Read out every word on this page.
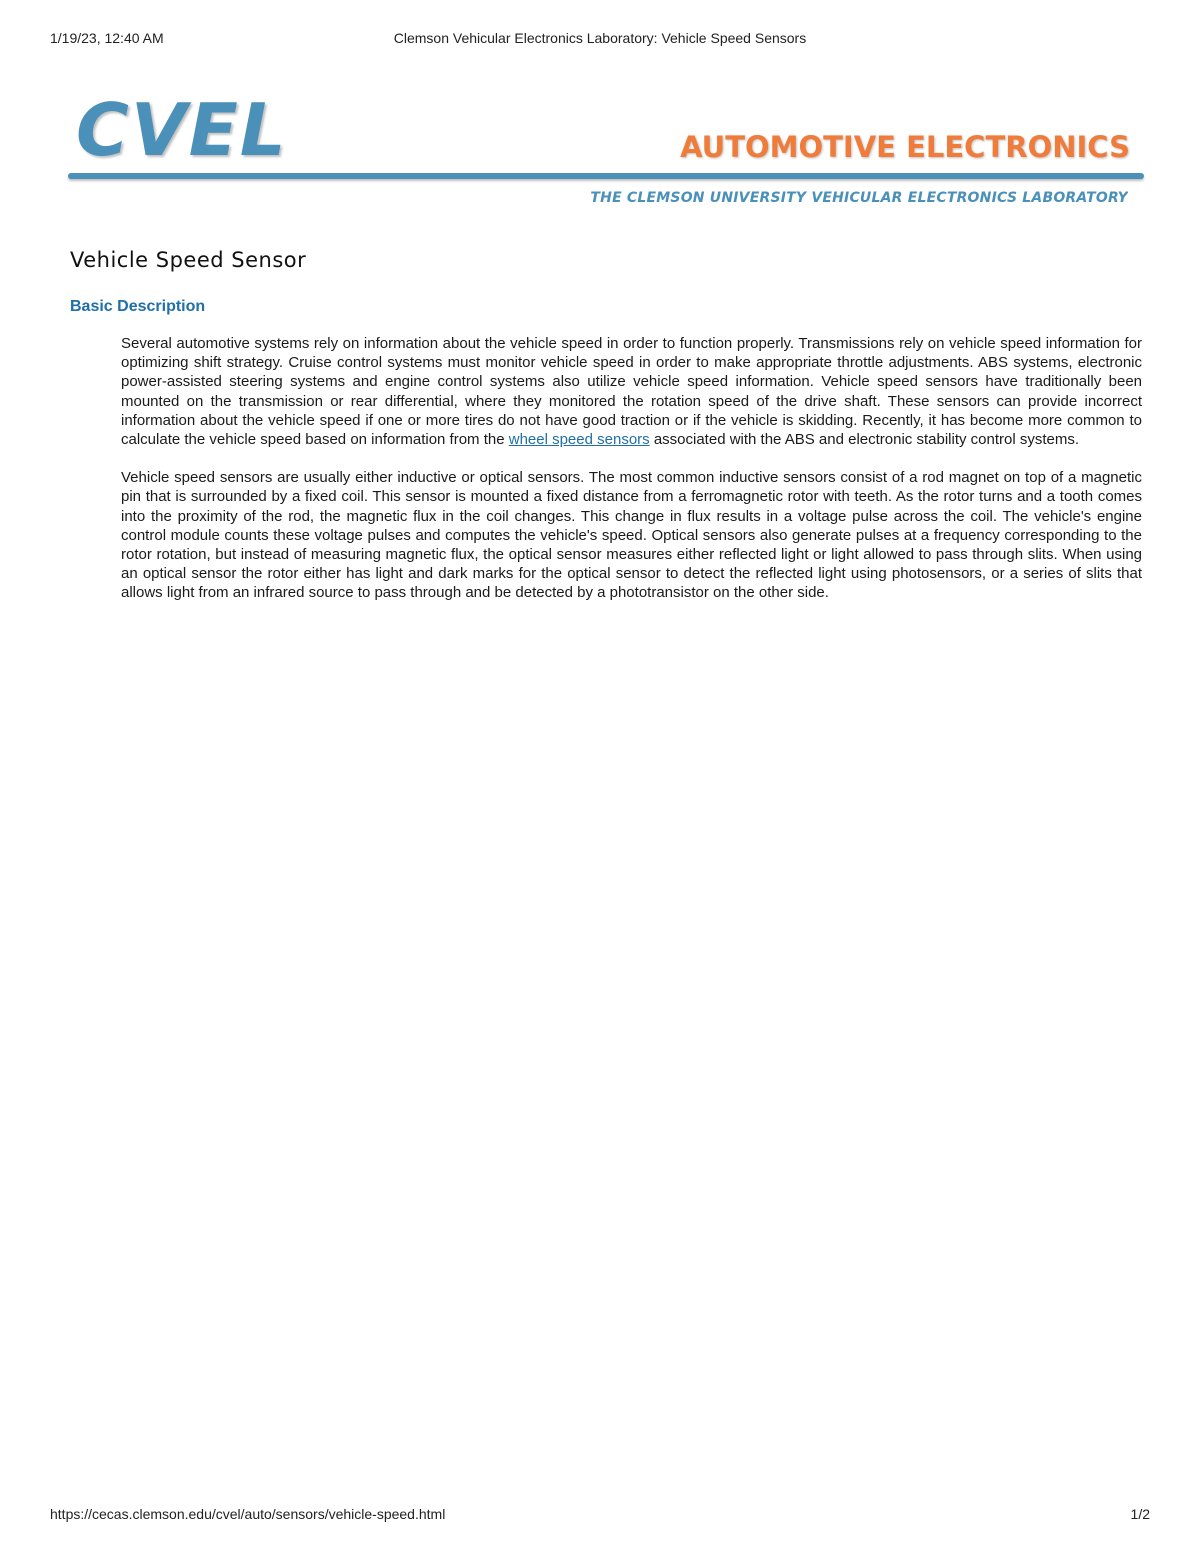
1/19/23, 12:40 AM	Clemson Vehicular Electronics Laboratory: Vehicle Speed Sensors
CVEL	AUTOMOTIVE ELECTRONICS
THE CLEMSON UNIVERSITY VEHICULAR ELECTRONICS LABORATORY
Vehicle Speed Sensor
Basic Description

Several automotive systems rely on information about the vehicle speed in order to function properly. Transmissions rely on vehicle speed information for optimizing shift strategy. Cruise control systems must monitor vehicle speed in order to make appropriate throttle adjustments. ABS systems, electronic power-assisted steering systems and engine control systems also utilize vehicle speed information. Vehicle speed sensors have traditionally been mounted on the transmission or rear differential, where they monitored the rotation speed of the drive shaft. These sensors can provide incorrect information about the vehicle speed if one or more tires do not have good traction or if the vehicle is skidding. Recently, it has become more common to calculate the vehicle speed based on information from the wheel speed sensors associated with the ABS and electronic stability control systems.

Vehicle speed sensors are usually either inductive or optical sensors. The most common inductive sensors consist of a rod magnet on top of a magnetic pin that is surrounded by a fixed coil. This sensor is mounted a fixed distance from a ferromagnetic rotor with teeth. As the rotor turns and a tooth comes into the proximity of the rod, the magnetic flux in the coil changes. This change in flux results in a voltage pulse across the coil. The vehicle's engine control module counts these voltage pulses and computes the vehicle's speed. Optical sensors also generate pulses at a frequency corresponding to the rotor rotation, but instead of measuring magnetic flux, the optical sensor measures either reflected light or light allowed to pass through slits. When using an optical sensor the rotor either has light and dark marks for the optical sensor to detect the reflected light using photosensors, or a series of slits that allows light from an infrared source to pass through and be detected by a phototransistor on the other side.

https://cecas.clemson.edu/cvel/auto/sensors/vehicle-speed.html	1/2
